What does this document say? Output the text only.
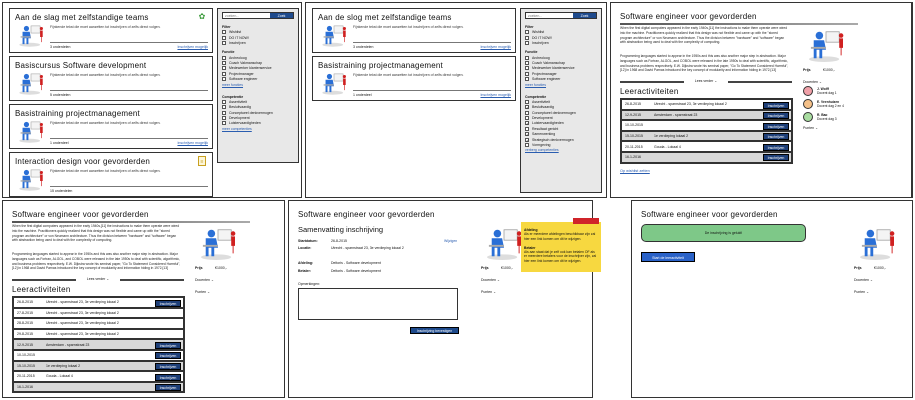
Aan de slag met zelfstandige teams
Fijnkende tekst die moet aanzetten tot inschrijven of zelfs direct volgen.
3 onderdelen	Inschrijven mogelijk
✿
Basiscursus Software development
Fijnkende tekst die moet aanzetten tot inschrijven of zelfs direct volgen.
5 onderdelen
Basistraining projectmanagement
Fijnkende tekst die moet aanzetten tot inschrijven of zelfs direct volgen.
1 onderdeel	Inschrijven mogelijk
Interaction design voor gevorderden
Fijnkende tekst die moet aanzetten tot inschrijven of zelfs direct volgen.
15 onderdelen
≡
zoeken...
Zoek
Filter
Wishlist
DO IT NOW!
Inschrijven
Functie
Archeoloog
Coach Vakmanschap
Medewerker klantenservice
Projectmanager
Software engineer
meer functies
Competentie
Assertiviteit
Besluitvaardig
Conceptueel denkvermogen
Development
Luistervaardigheden
meer competenties
Aan de slog met zelfstandige teams
Fijnkende tekst die moet aanzetten tot inschrijven of zelfs direct volgen.
3 onderdelen	Inschrijven mogelijk
Basistraining projectmanagement
Fijnkende tekst die moet aanzetten tot inschrijven of zelfs direct volgen.
1 onderdeel	Inschrijven mogelijk
zoeken...
Zoek
Filter
Wishlist
DO IT NOW!
Inschrijven
Functie
Archeoloog
Coach Vakmanschap
Medewerker klantenservice
Projectmanager
Software engineer
meer functies
Competentie
Assertiviteit
✓ Besluitvaardig
Conceptueel denkvermogen
Development
✓ Luistervaardigheden
Resultaat gericht
✓ Samenwerking
✓ Strategisch denkvermogen
Vormgeving
verberg competenties
Software engineer voor gevorderden
When the first digital computers appeared in the early 1940s,[11] the instructions to make them operate were wired into the machine. Practitioners quickly realized that this design was not flexible and came up with the "stored program architecture" or von Neumann architecture. Thus the division between "hardware" and "software" began with abstraction being used to deal with the complexity of computing.
Programming languages started to appear in the 1950s and this was also another major step in abstraction. Major languages such as Fortran, ALGOL, and COBOL were released in the late 1950s to deal with scientific, algorithmic, and business problems respectively. E.W. Dijkstra wrote his seminal paper, "Go To Statement Considered Harmful",[12] in 1968 and David Parnas introduced the key concept of modularity and information hiding in 1972.[13]
Lees verder ⌄
Leeractiviteiten
26-8-2015	Utrecht - sparnstraat 23, 3e verdieping lokaal 2	Inschrijven
12-9-2015	Amsterdam - sparnstraat 23	Inschrijven
10-10-2015	Inschrijven
15-10-2015	1e verdieping lokaal 2	Inschrijven
20-11-2015	Gouda - Lokaal 4	Inschrijven
16-1-2016	Inschrijven
Op wishlist zetten
Prijs	€1000,-
Docenten ⌄
J. Wolff
Docent dag 1
E. Veenhuizen
Docent dag 2 en 4
R. Bao
Docent dag 3
Punten ⌄
Software engineer voor gevorderden
When the first digital computers appeared in the early 1940s,[11] the instructions to make them operate were wired into the machine. Practitioners quickly realized that this design was not flexible and came up with the "stored program architecture" or von Neumann architecture. Thus the division between "hardware" and "software" began with abstraction being used to deal with the complexity of computing.
Programming languages started to appear in the 1950s and this was also another major step in abstraction. Major languages such as Fortran, ALGOL, and COBOL were released in the late 1950s to deal with scientific, algorithmic, and business problems respectively. E.W. Dijkstra wrote his seminal paper, "Go To Statement Considered Harmful",[12] in 1968 and David Parnas introduced the key concept of modularity and information hiding in 1972.[13]
Lees verder ⌄
Leeractiviteiten
26-8-2015	Utrecht - sparnstraat 23, 3e verdieping lokaal 2	Inschrijven
27-8-2015	Utrecht - sparnstraat 23, 3e verdieping lokaal 2
28-8-2015	Utrecht - sparnstraat 23, 3e verdieping lokaal 2
29-8-2015	Utrecht - sparnstraat 23, 3e verdieping lokaal 2
12-9-2015	Amsterdam - sparnstraat 23	Inschrijven
10-10-2015	Inschrijven
15-10-2015	1e verdieping lokaal 2	Inschrijven
20-11-2015	Gouda - Lokaal 4	Inschrijven
16-1-2016	Inschrijven
Prijs	€1000,-
Docenten ⌄
Punten ⌄
Software engineer voor gevorderden
Samenvatting inschrijving
Startdatum:	26-8-2015	Wijzigen
Locatie:	Utrecht - sparnstraat 23, 3e verdieping lokaal 2
Afdeling:	Deltoris - Software development
Betaler:	Deltoris - Software development
Opmerkingen:
Inschrijving bevestigen
Prijs	€1000,-
Docenten ⌄
Punten ⌄
Afdeling
Als er meerdere afdelingen beschikbaar zijn zal hier een link komen om dit te wijzigen.

Betaler
Als aan staat dat je zelf ook kan betalen OF als er meerdere betalers voor de inschrijver zijn, zal hier een link komen om dit te wijzigen.
Software engineer voor gevorderden
De inschrijving is gelukt!
Start de leeractiviteit
Prijs	€1000,-
Docenten ⌄
Punten ⌄
